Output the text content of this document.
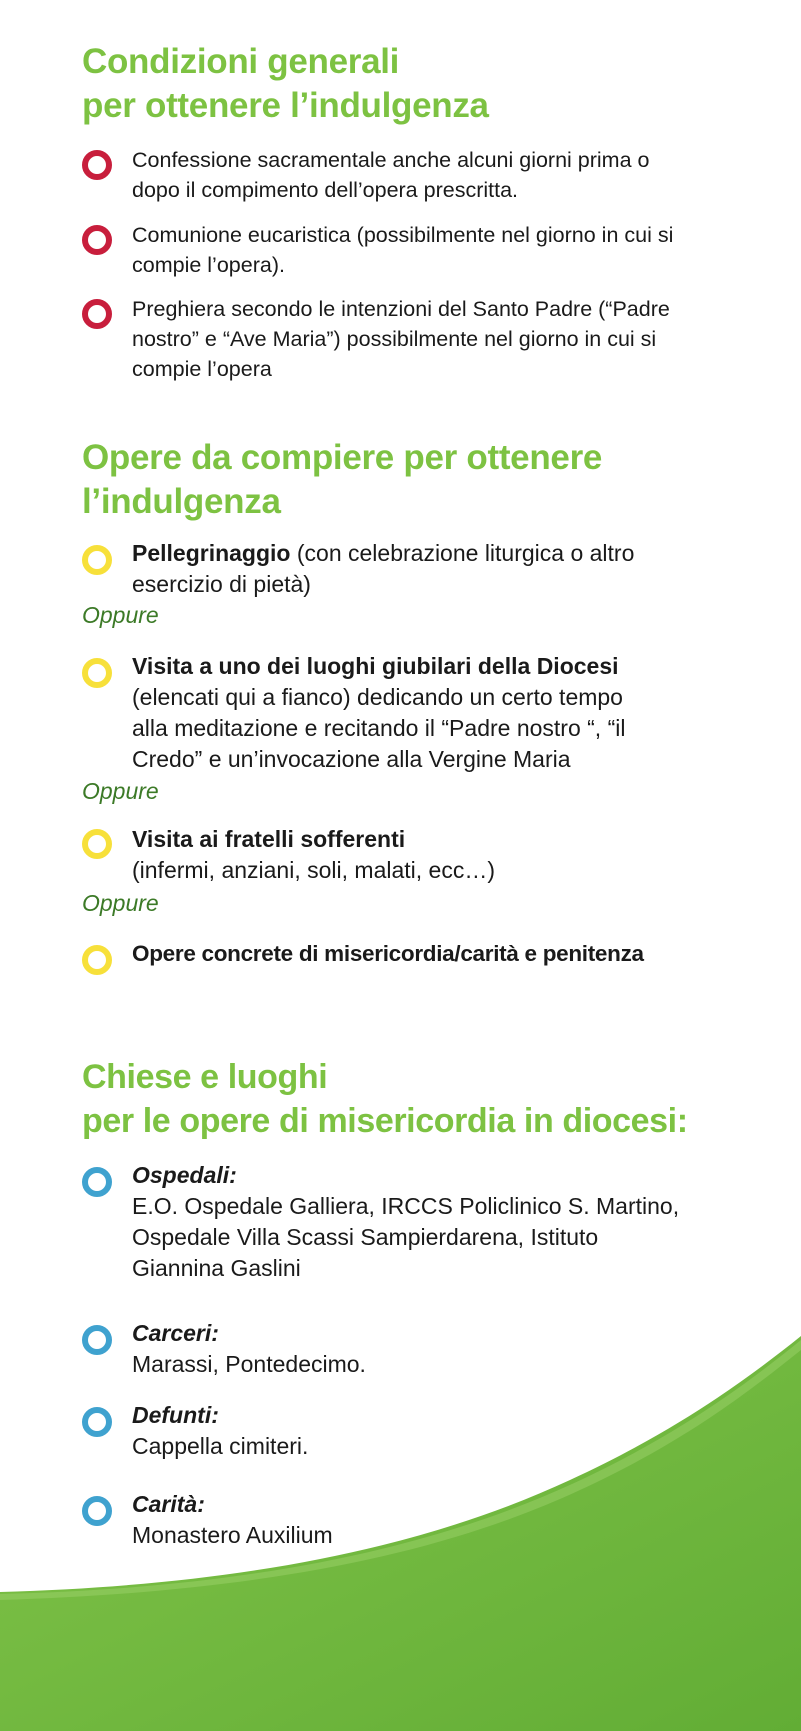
Condizioni generali
per ottenere l’indulgenza
Confessione sacramentale anche alcuni giorni prima o
dopo il compimento dell’opera prescritta.
Comunione eucaristica (possibilmente nel giorno in cui si
compie l’opera).
Preghiera secondo le intenzioni del Santo Padre (“Padre
nostro” e “Ave Maria”) possibilmente nel giorno in cui si
compie l’opera
Opere da compiere per ottenere
l’indulgenza
Pellegrinaggio (con celebrazione liturgica o altro
esercizio di pietà)
Oppure
Visita a uno dei luoghi giubilari della Diocesi
(elencati qui a fianco) dedicando un certo tempo
alla meditazione e recitando il “Padre nostro “, “il
Credo” e un’invocazione alla Vergine Maria
Oppure
Visita ai fratelli sofferenti
(infermi, anziani, soli, malati, ecc…)
Oppure
Opere concrete di misericordia/carità e penitenza
Chiese e luoghi
per le opere di misericordia in diocesi:
Ospedali:
E.O. Ospedale Galliera, IRCCS Policlinico S. Martino,
Ospedale Villa Scassi Sampierdarena, Istituto
Giannina Gaslini
Carceri:
Marassi, Pontedecimo.
Defunti:
Cappella cimiteri.
Carità:
Monastero Auxilium
